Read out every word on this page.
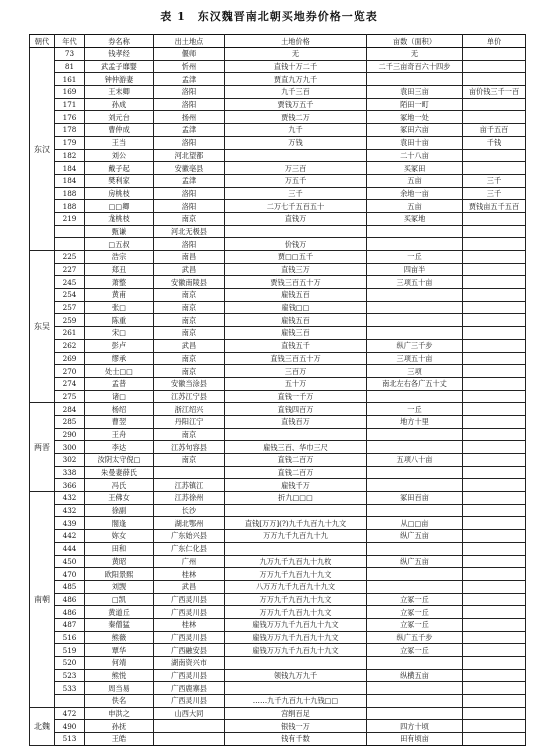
表 1　东汉魏晋南北朝买地券价格一览表
朝代	年代	券名称	出土地点	土地价格	亩数（面积）	单价
东汉	73	钱孝经	偃师	无	无	
	81	武孟子靡婴	忻州	直钱十万二千	二千三亩奇百六十四步	
	161	钟仲游妻	孟津	贾直九万九千		
	169	王末卿	洛阳	九千三百	袁田三亩	亩价钱三千一百
	171	孙成	洛阳	贾钱万五千	陌田一町	
	176	刘元台	扬州	贾钱二万	冢地一处	
	178	曹仲成	孟津	九千	冢田六亩	亩千五百
	179	王当	洛阳	万钱	袁田十亩	千钱
	182	刘公	河北望都		二十八亩	
	184	戴子起	安徽亳县	万三百	买冢田	
	184	樊利家	孟津	万五千	五亩	三千
	188	房桃枝	洛阳	三千	余地一亩	三千
	188	□□卿	洛阳	二万七千五百五十	五亩	贾钱亩五千五百
	219	尨桃枝	南京	直钱万	买冢地	
		甄谦	河北无极县			
		□五叔	洛阳	价钱万		
东吴	225	浩宗	南昌	贾□□五千	一丘	
	227	郑丑	武昌	直钱三万	四亩半	
	245	萧整	安徽南陵县	贾钱三百五十万	三项五十亩	
	254	黄甫	南京	雇钱五百		
	257	张□	南京	雇钱□□		
	259	陈重	南京	雇钱五百		
	261	宋□	南京	雇钱三百		
	262	彭卢	武昌	直钱五千	纵广三千步	
	269	缪承	南京	直钱三百五十万	三项五十亩	
	270	处士□□	南京	三百万	三项	
	274	孟普	安徽当涂县	五十万	南北左右各广五十丈	
	275	诸□	江苏江宁县	直钱一千万		
两晋	284	杨绍	浙江绍兴	直钱四百万	一丘	
	285	曹翌	丹阳江宁	直钱百万	地方十里	
	290	王舟	南京			
	300	李达	江苏句容县	雇钱三百、华巾三尺		
	302	汝阴太守倪□	南京	直钱二百万	五项八十亩	
	338	朱曼妻薛氏		直钱二百万		
	366	冯氏	江苏镇江	雇钱千万		
南朝	432	王佛女	江苏徐州	折九□□□	冢田百亩	
	432	徐副	长沙			
	439	閤逢	湖北鄂州	直钱[万万](?)九千九百九十九文	从□□亩	
	442	妳女	广东始兴县	万万九千九百九十九	纵广五亩	
	444	田和	广东仁化县			
	450	黄昭	广州	九万九千九百九十九枚	纵广五亩	
	470	欧阳景熙	桂林	万万九千九百九十九文		
	485	刘觊	武昌	八万万九千九百九十九文		
	486	□凯	广西灵川县	万万九千九百九十九文	立冢一丘	
	486	黄道丘	广西灵川县	万万九千九百九十九文	立冢一丘	
	487	秦僧猛	桂林	雇钱万万九千九百九十九文	立冢一丘	
	516	熊薇	广西灵川县	雇钱万万九千九百九十九文	纵广五千步	
	519	覃华	广西融安县	雇钱万万九千九百九十九文	立冢一丘	
	520	何靖	湖南资兴市			
	523	熊悦	广西灵川县	领钱九万九千	纵横五亩	
	533	周当易	广西鹿寨县			
		佚名	广西灵川县	……九千九百九十九钱□□		
北魏	472	申洪之	山西大同	宫绢百足		
	490	孙抚		银钱一万	四方十顷	
	513	王皓		钱有千数	田有顷亩	
